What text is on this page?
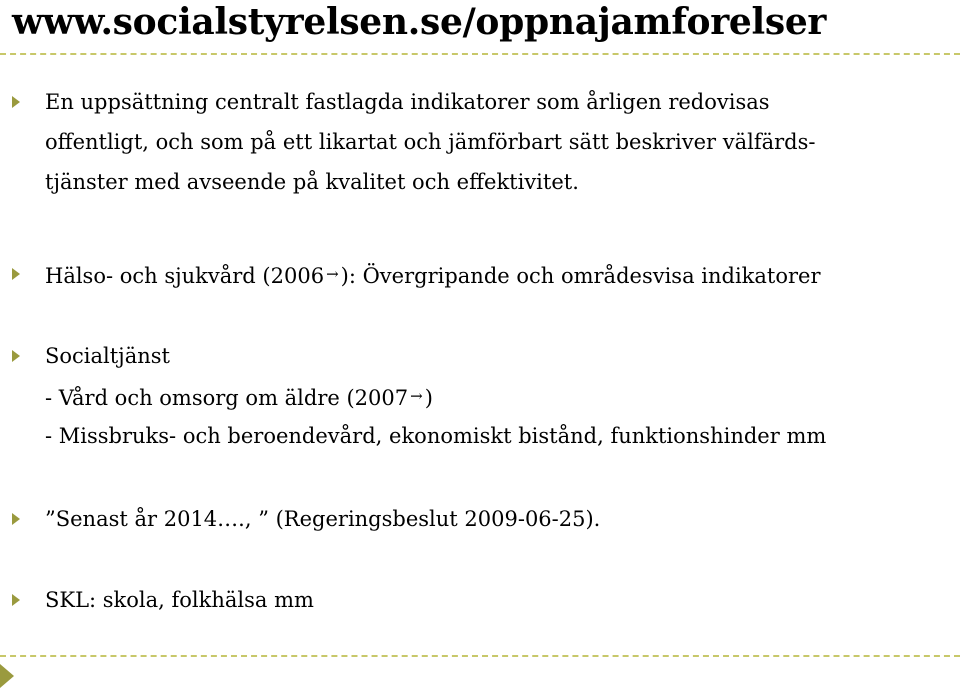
www.socialstyrelsen.se/oppnajamforelser
En uppsättning centralt fastlagda indikatorer som årligen redovisas
offentligt, och som på ett likartat och jämförbart sätt beskriver välfärds-
tjänster med avseende på kvalitet och effektivitet.
Hälso- och sjukvård (2006 →): Övergripande och områdesvisa indikatorer
Socialtjänst
- Vård och omsorg om äldre (2007 →)
- Missbruks- och beroendevård, ekonomiskt bistånd, funktionshinder mm
”Senast år 2014…., ” (Regeringsbeslut 2009-06-25).
SKL: skola, folkhälsa mm
